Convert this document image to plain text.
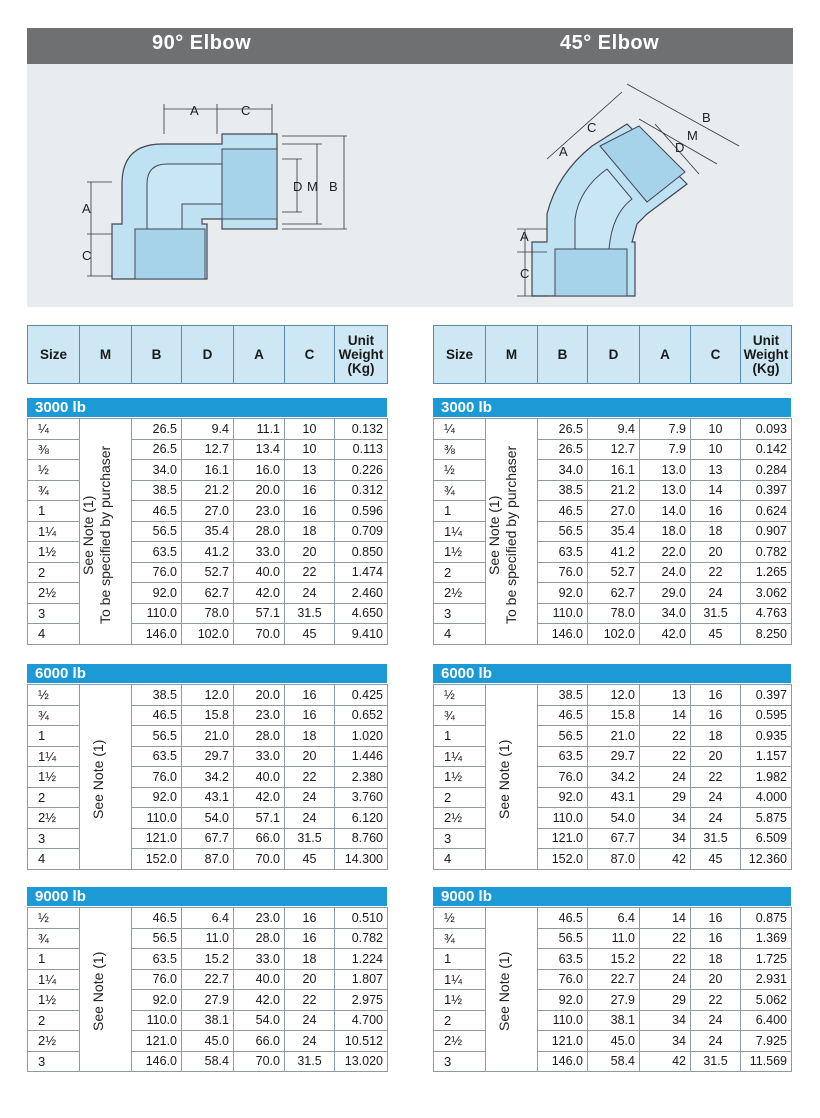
90° Elbow	45° Elbow
A	C
A
C
D M B
A
C
A
C
D
M
B
Size	M	B	D	A	C	Unit
Weight
(Kg)
3000 lb
¼		26.5	9.4	11.1	10	0.132
⅜		26.5	12.7	13.4	10	0.113
½		34.0	16.1	16.0	13	0.226
¾		38.5	21.2	20.0	16	0.312
1		46.5	27.0	23.0	16	0.596
1¼		56.5	35.4	28.0	18	0.709
1½		63.5	41.2	33.0	20	0.850
2		76.0	52.7	40.0	22	1.474
2½		92.0	62.7	42.0	24	2.460
3		110.0	78.0	57.1	31.5	4.650
4		146.0	102.0	70.0	45	9.410
See Note (1)
To be specified by purchaser
6000 lb
½		38.5	12.0	20.0	16	0.425
¾		46.5	15.8	23.0	16	0.652
1		56.5	21.0	28.0	18	1.020
1¼		63.5	29.7	33.0	20	1.446
1½		76.0	34.2	40.0	22	2.380
2		92.0	43.1	42.0	24	3.760
2½		110.0	54.0	57.1	24	6.120
3		121.0	67.7	66.0	31.5	8.760
4		152.0	87.0	70.0	45	14.300
See Note (1)
9000 lb
½		46.5	6.4	23.0	16	0.510
¾		56.5	11.0	28.0	16	0.782
1		63.5	15.2	33.0	18	1.224
1¼		76.0	22.7	40.0	20	1.807
1½		92.0	27.9	42.0	22	2.975
2		110.0	38.1	54.0	24	4.700
2½		121.0	45.0	66.0	24	10.512
3		146.0	58.4	70.0	31.5	13.020
See Note (1)
Size	M	B	D	A	C	Unit
Weight
(Kg)
3000 lb
¼		26.5	9.4	7.9	10	0.093
⅜		26.5	12.7	7.9	10	0.142
½		34.0	16.1	13.0	13	0.284
¾		38.5	21.2	13.0	14	0.397
1		46.5	27.0	14.0	16	0.624
1¼		56.5	35.4	18.0	18	0.907
1½		63.5	41.2	22.0	20	0.782
2		76.0	52.7	24.0	22	1.265
2½		92.0	62.7	29.0	24	3.062
3		110.0	78.0	34.0	31.5	4.763
4		146.0	102.0	42.0	45	8.250
See Note (1)
To be specified by purchaser
6000 lb
½		38.5	12.0	13	16	0.397
¾		46.5	15.8	14	16	0.595
1		56.5	21.0	22	18	0.935
1¼		63.5	29.7	22	20	1.157
1½		76.0	34.2	24	22	1.982
2		92.0	43.1	29	24	4.000
2½		110.0	54.0	34	24	5.875
3		121.0	67.7	34	31.5	6.509
4		152.0	87.0	42	45	12.360
See Note (1)
9000 lb
½		46.5	6.4	14	16	0.875
¾		56.5	11.0	22	16	1.369
1		63.5	15.2	22	18	1.725
1¼		76.0	22.7	24	20	2.931
1½		92.0	27.9	29	22	5.062
2		110.0	38.1	34	24	6.400
2½		121.0	45.0	34	24	7.925
3		146.0	58.4	42	31.5	11.569
See Note (1)
